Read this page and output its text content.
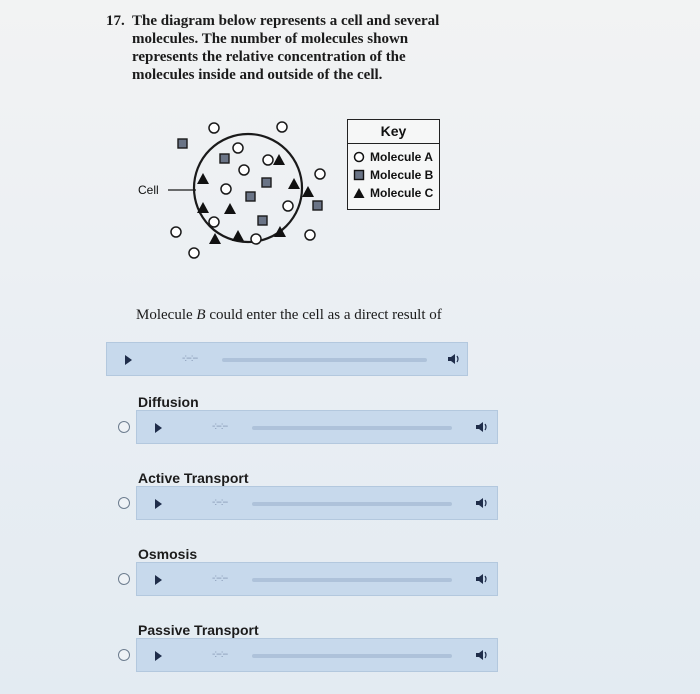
17. The diagram below represents a cell and several molecules. The number of molecules shown represents the relative concentration of the molecules inside and outside of the cell.
Cell
Key
Molecule A
Molecule B
Molecule C
Molecule B could enter the cell as a direct result of
-:--:--
Diffusion
-:--:--
Active Transport
-:--:--
Osmosis
-:--:--
Passive Transport
-:--:--
